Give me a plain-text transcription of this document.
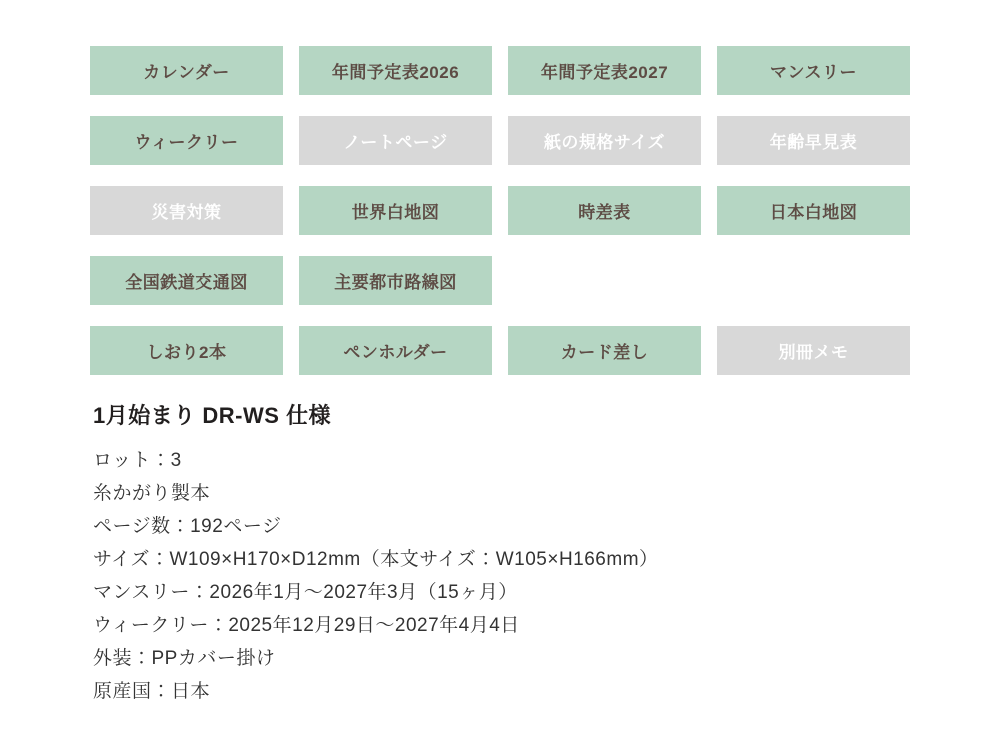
カレンダー	年間予定表2026	年間予定表2027	マンスリー
ウィークリー	ノートページ	紙の規格サイズ	年齢早見表
災害対策	世界白地図	時差表	日本白地図
全国鉄道交通図	主要都市路線図
しおり2本	ペンホルダー	カード差し	別冊メモ
1月始まり DR-WS 仕様
ロット：3
糸かがり製本
ページ数：192ページ
サイズ：W109×H170×D12mm（本文サイズ：W105×H166mm）
マンスリー：2026年1月～2027年3月（15ヶ月）
ウィークリー：2025年12月29日～2027年4月4日
外装：PPカバー掛け
原産国：日本
